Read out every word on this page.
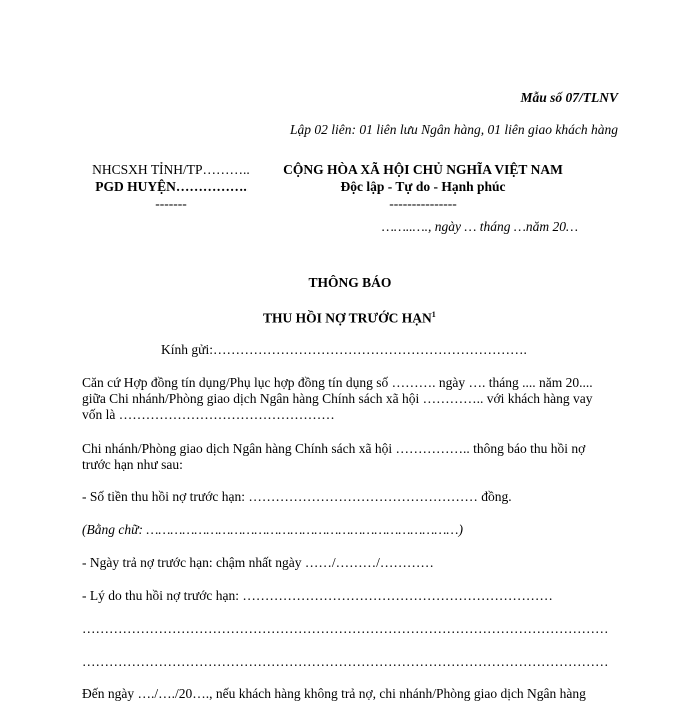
Mẫu số 07/TLNV
Lập 02 liên: 01 liên lưu Ngân hàng, 01 liên giao khách hàng
NHCSXH TỈNH/TP………..
PGD HUYỆN…………….
-------
CỘNG HÒA XÃ HỘI CHỦ NGHĨA VIỆT NAM
Độc lập - Tự do - Hạnh phúc
---------------
……..…., ngày … tháng …năm 20…
THÔNG BÁO
THU HỒI NỢ TRƯỚC HẠN$^1$
Kính gửi:…………………………………………………………….
Căn cứ Hợp đồng tín dụng/Phụ lục hợp đồng tín dụng số ………. ngày …. tháng .... năm 20....
giữa Chi nhánh/Phòng giao dịch Ngân hàng Chính sách xã hội ………….. với khách hàng vay
vốn là …………………………………………
Chi nhánh/Phòng giao dịch Ngân hàng Chính sách xã hội …………….. thông báo thu hồi nợ
trước hạn như sau:
- Số tiền thu hồi nợ trước hạn: …………………………………………… đồng.
(Bằng chữ: ……………………………………………………………………)
- Ngày trả nợ trước hạn: chậm nhất ngày ……/………/…………
- Lý do thu hồi nợ trước hạn: ……………………………………………………………
………………………………………………………………………………………………………
………………………………………………………………………………………………………
Đến ngày …./…./20…., nếu khách hàng không trả nợ, chi nhánh/Phòng giao dịch Ngân hàng
